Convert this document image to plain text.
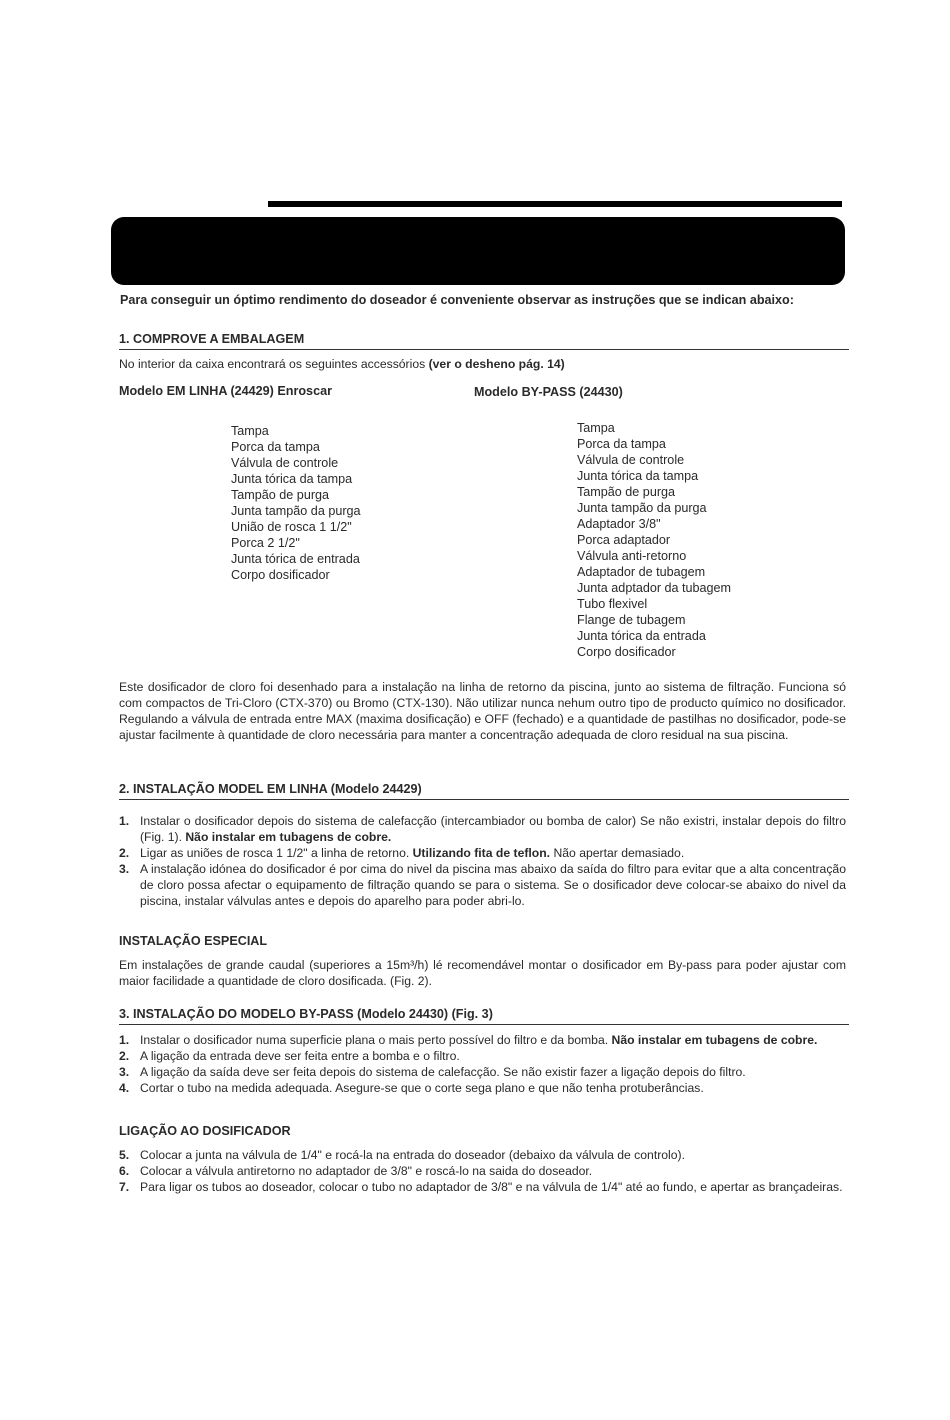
Para conseguir un óptimo rendimento do doseador é conveniente observar as instruções que se indican abaixo:
1. COMPROVE A EMBALAGEM
No interior da caixa encontrará os seguintes accessórios (ver o desheno pág. 14)
Modelo EM LINHA (24429) Enroscar	Modelo BY-PASS (24430)
Tampa
Porca da tampa
Válvula de controle
Junta tórica da tampa
Tampão de purga
Junta tampão da purga
União de rosca 1 1/2"
Porca 2 1/2"
Junta tórica de entrada
Corpo dosificador
Tampa
Porca da tampa
Válvula de controle
Junta tórica da tampa
Tampão de purga
Junta tampão da purga
Adaptador 3/8"
Porca adaptador
Válvula anti-retorno
Adaptador de tubagem
Junta adptador da tubagem
Tubo flexivel
Flange de tubagem
Junta tórica da entrada
Corpo dosificador
Este dosificador de cloro foi desenhado para a instalação na linha de retorno da piscina, junto ao sistema de filtração. Funciona só com compactos de Tri-Cloro (CTX-370) ou Bromo (CTX-130). Não utilizar nunca nehum outro tipo de producto químico no dosificador. Regulando a válvula de entrada entre MAX (maxima dosificação) e OFF (fechado) e a quantidade de pastilhas no dosificador, pode-se ajustar facilmente à quantidade de cloro necessária para manter a concentração adequada de cloro residual na sua piscina.
2. INSTALAÇÃO MODEL EM LINHA (Modelo 24429)
1. Instalar o dosificador depois do sistema de calefacção (intercambiador ou bomba de calor) Se não existri, instalar depois do filtro (Fig. 1). Não instalar em tubagens de cobre.
2. Ligar as uniões de rosca 1 1/2" a linha de retorno. Utilizando fita de teflon. Não apertar demasiado.
3. A instalação idónea do dosificador é por cima do nivel da piscina mas abaixo da saída do filtro para evitar que a alta concentração de cloro possa afectar o equipamento de filtração quando se para o sistema. Se o dosificador deve colocar-se abaixo do nivel da piscina, instalar válvulas antes e depois do aparelho para poder abri-lo.
INSTALAÇÃO ESPECIAL
Em instalações de grande caudal (superiores a 15m³/h) lé recomendável montar o dosificador em By-pass para poder ajustar com maior facilidade a quantidade de cloro dosificada. (Fig. 2).
3. INSTALAÇÃO DO MODELO BY-PASS (Modelo 24430) (Fig. 3)
1. Instalar o dosificador numa superficie plana o mais perto possível do filtro e da bomba. Não instalar em tubagens de cobre.
2. A ligação da entrada deve ser feita entre a bomba e o filtro.
3. A ligação da saída deve ser feita depois do sistema de calefacção. Se não existir fazer a ligação depois do filtro.
4. Cortar o tubo na medida adequada. Asegure-se que o corte sega plano e que não tenha protuberâncias.
LIGAÇÃO AO DOSIFICADOR
5. Colocar a junta na válvula de 1/4" e rocá-la na entrada do doseador (debaixo da válvula de controlo).
6. Colocar a válvula antiretorno no adaptador de 3/8" e roscá-lo na saida do doseador.
7. Para ligar os tubos ao doseador, colocar o tubo no adaptador de 3/8" e na válvula de 1/4" até ao fundo, e apertar as brançadeiras.
